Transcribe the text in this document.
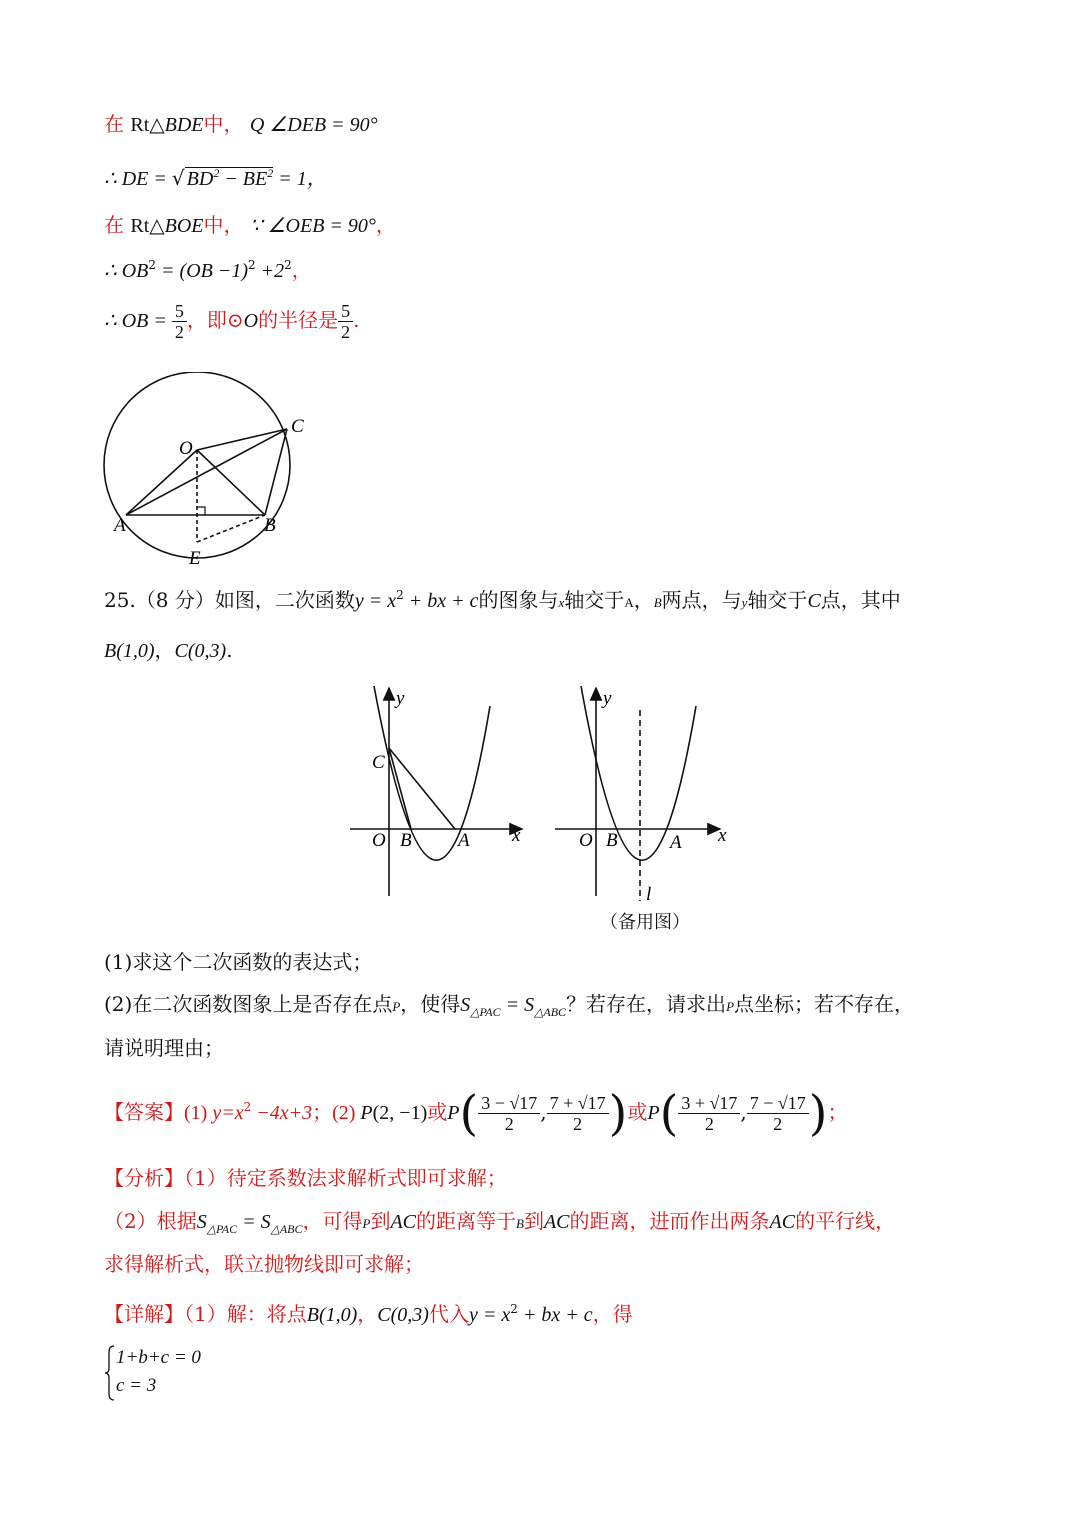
在 Rt△BDE中， Q ∠DEB = 90°
∴ DE = √ $BD^2 - BE^2 = 1$，
在 Rt△BOE中， ∵ ∠OEB = 90°，
∴ $OB^2 = (OB -1)^2 +2^2$，
∴ OB = $\frac{5}{2}$ ，即⊙O的半径是 $\frac{5}{2}$ .
O
C
A	B
E
25.（8 分）如图，二次函数$y = x^2$ + bx + c的图象与x轴交于A，B两点，与y轴交于C点，其中
B(1,0)，C(0,3).
y
C
O B A x
y
O B	A x
l
（备用图）
(1)求这个二次函数的表达式；
(2)在二次函数图象上是否存在点P，使得$S_{\triangle PAC} = S_{\triangle ABC}$？若存在，请求出P点坐标；若不存在，
请说明理由；
【答案】(1) $y=x^2 -4x+3$；(2) P(2, −1)或$P( \frac{3 - √17}{2}$ , $\frac{7 + √17}{2}$ )或$P( \frac{3 + √17}{2}$ , $\frac{7 - √17}{2}$ )；
【分析】（1）待定系数法求解析式即可求解；
（2）根据$S_{\triangle PAC} = S_{\triangle ABC}$，可得P到AC的距离等于B到AC的距离，进而作出两条AC的平行线，
求得解析式，联立抛物线即可求解；
【详解】（1）解：将点B(1,0)，C(0,3)代入$y = x^2$ + bx + c，得
1+b+c = 0
c = 3
